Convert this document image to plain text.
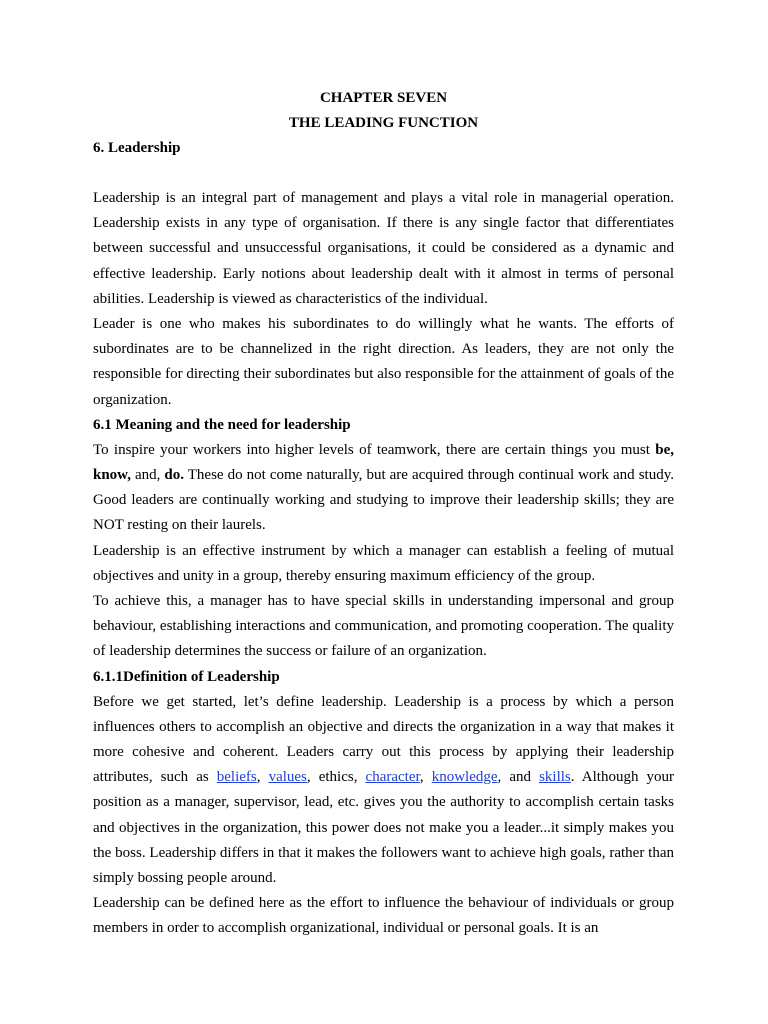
CHAPTER SEVEN
THE LEADING FUNCTION
6. Leadership

Leadership is an integral part of management and plays a vital role in managerial operation. Leadership exists in any type of organisation. If there is any single factor that differentiates between successful and unsuccessful organisations, it could be considered as a dynamic and effective leadership. Early notions about leadership dealt with it almost in terms of personal abilities. Leadership is viewed as characteristics of the individual.

Leader is one who makes his subordinates to do willingly what he wants. The efforts of subordinates are to be channelized in the right direction. As leaders, they are not only the responsible for directing their subordinates but also responsible for the attainment of goals of the organization.

6.1 Meaning and the need for leadership

To inspire your workers into higher levels of teamwork, there are certain things you must be, know, and, do. These do not come naturally, but are acquired through continual work and study. Good leaders are continually working and studying to improve their leadership skills; they are NOT resting on their laurels.

Leadership is an effective instrument by which a manager can establish a feeling of mutual objectives and unity in a group, thereby ensuring maximum efficiency of the group.

To achieve this, a manager has to have special skills in understanding impersonal and group behaviour, establishing interactions and communication, and promoting cooperation. The quality of leadership determines the success or failure of an organization.

6.1.1Definition of Leadership

Before we get started, let’s define leadership. Leadership is a process by which a person influences others to accomplish an objective and directs the organization in a way that makes it more cohesive and coherent. Leaders carry out this process by applying their leadership attributes, such as beliefs, values, ethics, character, knowledge, and skills. Although your position as a manager, supervisor, lead, etc. gives you the authority to accomplish certain tasks and objectives in the organization, this power does not make you a leader...it simply makes you the boss. Leadership differs in that it makes the followers want to achieve high goals, rather than simply bossing people around.

Leadership can be defined here as the effort to influence the behaviour of individuals or group members in order to accomplish organizational, individual or personal goals. It is an
